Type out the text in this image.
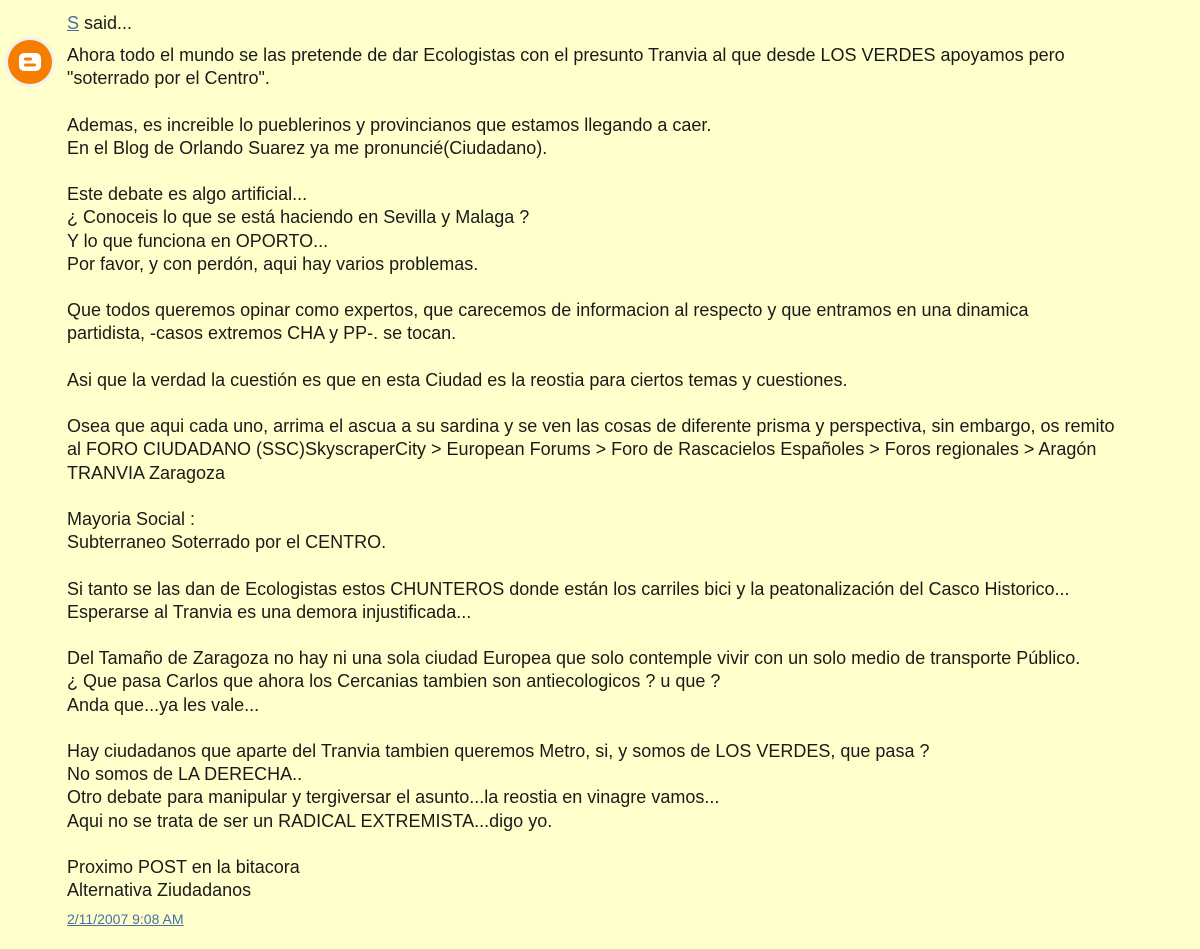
S said...
Ahora todo el mundo se las pretende de dar Ecologistas con el presunto Tranvia al que desde LOS VERDES apoyamos pero
"soterrado por el Centro".
Ademas, es increible lo pueblerinos y provincianos que estamos llegando a caer.
En el Blog de Orlando Suarez ya me pronuncié(Ciudadano).
Este debate es algo artificial...
¿ Conoceis lo que se está haciendo en Sevilla y Malaga ?
Y lo que funciona en OPORTO...
Por favor, y con perdón, aqui hay varios problemas.
Que todos queremos opinar como expertos, que carecemos de informacion al respecto y que entramos en una dinamica
partidista, -casos extremos CHA y PP-. se tocan.
Asi que la verdad la cuestión es que en esta Ciudad es la reostia para ciertos temas y cuestiones.
Osea que aqui cada uno, arrima el ascua a su sardina y se ven las cosas de diferente prisma y perspectiva, sin embargo, os remito
al FORO CIUDADANO (SSC)SkyscraperCity > European Forums > Foro de Rascacielos Españoles > Foros regionales > Aragón
TRANVIA Zaragoza
Mayoria Social :
Subterraneo Soterrado por el CENTRO.
Si tanto se las dan de Ecologistas estos CHUNTEROS donde están los carriles bici y la peatonalización del Casco Historico...
Esperarse al Tranvia es una demora injustificada...
Del Tamaño de Zaragoza no hay ni una sola ciudad Europea que solo contemple vivir con un solo medio de transporte Público.
¿ Que pasa Carlos que ahora los Cercanias tambien son antiecologicos ? u que ?
Anda que...ya les vale...
Hay ciudadanos que aparte del Tranvia tambien queremos Metro, si, y somos de LOS VERDES, que pasa ?
No somos de LA DERECHA..
Otro debate para manipular y tergiversar el asunto...la reostia en vinagre vamos...
Aqui no se trata de ser un RADICAL EXTREMISTA...digo yo.
Proximo POST en la bitacora
Alternativa Ziudadanos
2/11/2007 9:08 AM
